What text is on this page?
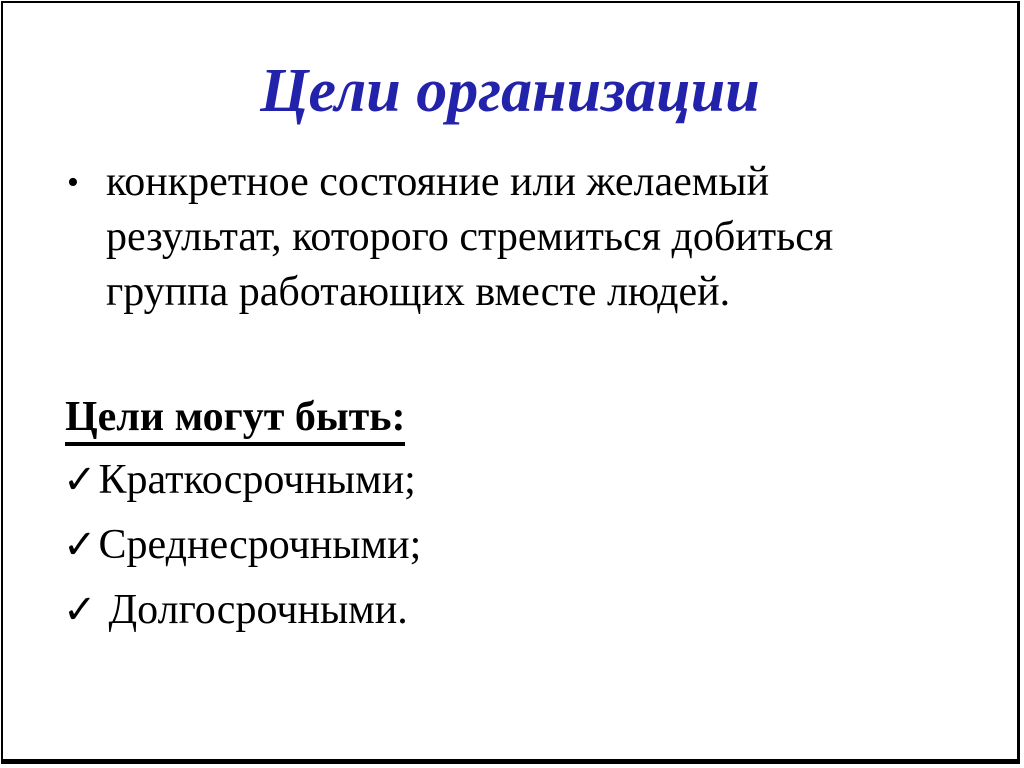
Цели организации
• конкретное состояние или желаемый
результат, которого стремиться добиться
группа работающих вместе людей.
Цели могут быть:
✓ Краткосрочными;
✓ Среднесрочными;
✓ Долгосрочными.
